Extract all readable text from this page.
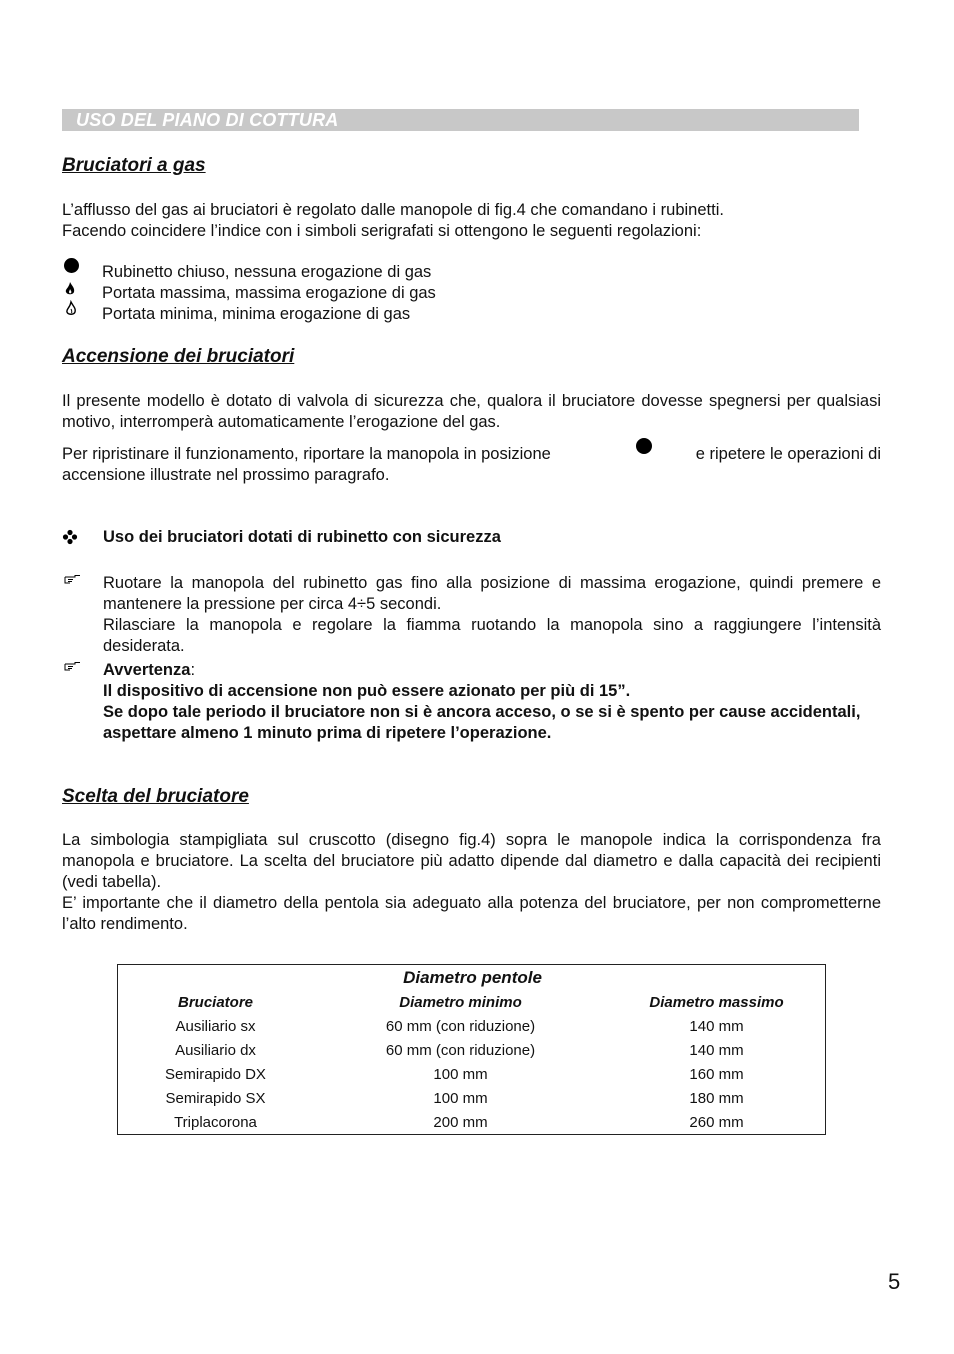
USO DEL PIANO DI COTTURA
Bruciatori a gas
L’afflusso del gas ai bruciatori è regolato dalle manopole di fig.4 che comandano i rubinetti.
Facendo coincidere l’indice con i simboli serigrafati si ottengono le seguenti regolazioni:
Rubinetto chiuso, nessuna erogazione di gas
Portata massima, massima erogazione di gas
Portata minima, minima erogazione di gas
Accensione dei bruciatori
Il presente modello è dotato di valvola di sicurezza che, qualora il bruciatore dovesse spegnersi per qualsiasi motivo, interromperà automaticamente l’erogazione del gas.
Per ripristinare il funzionamento, riportare la manopola in posizione	e ripetere le operazioni di
accensione illustrate nel prossimo paragrafo.
Uso dei bruciatori dotati di rubinetto con sicurezza
Ruotare la manopola del rubinetto gas fino alla posizione di massima erogazione, quindi premere e mantenere la pressione per circa 4÷5 secondi.
Rilasciare la manopola e regolare la fiamma ruotando la manopola sino a raggiungere l’intensità desiderata.
Avvertenza:
Il dispositivo di accensione non può essere azionato per più di 15”.
Se dopo tale periodo il bruciatore non si è ancora acceso, o se si è spento per cause accidentali, aspettare almeno 1 minuto prima di ripetere l’operazione.
Scelta del bruciatore
La simbologia stampigliata sul cruscotto (disegno fig.4) sopra le manopole indica la corrispondenza fra manopola e bruciatore. La scelta del bruciatore più adatto dipende dal diametro e dalla capacità dei recipienti (vedi tabella).
E’ importante che il diametro della pentola sia adeguato alla potenza del bruciatore, per non comprometterne l’alto rendimento.
Diametro pentole		
Bruciatore	Diametro minimo	Diametro massimo
Ausiliario sx	60 mm (con riduzione)	140 mm
Ausiliario dx	60 mm (con riduzione)	140 mm
Semirapido DX	100 mm	160 mm
Semirapido SX	100 mm	180 mm
Triplacorona	200 mm	260 mm
5
